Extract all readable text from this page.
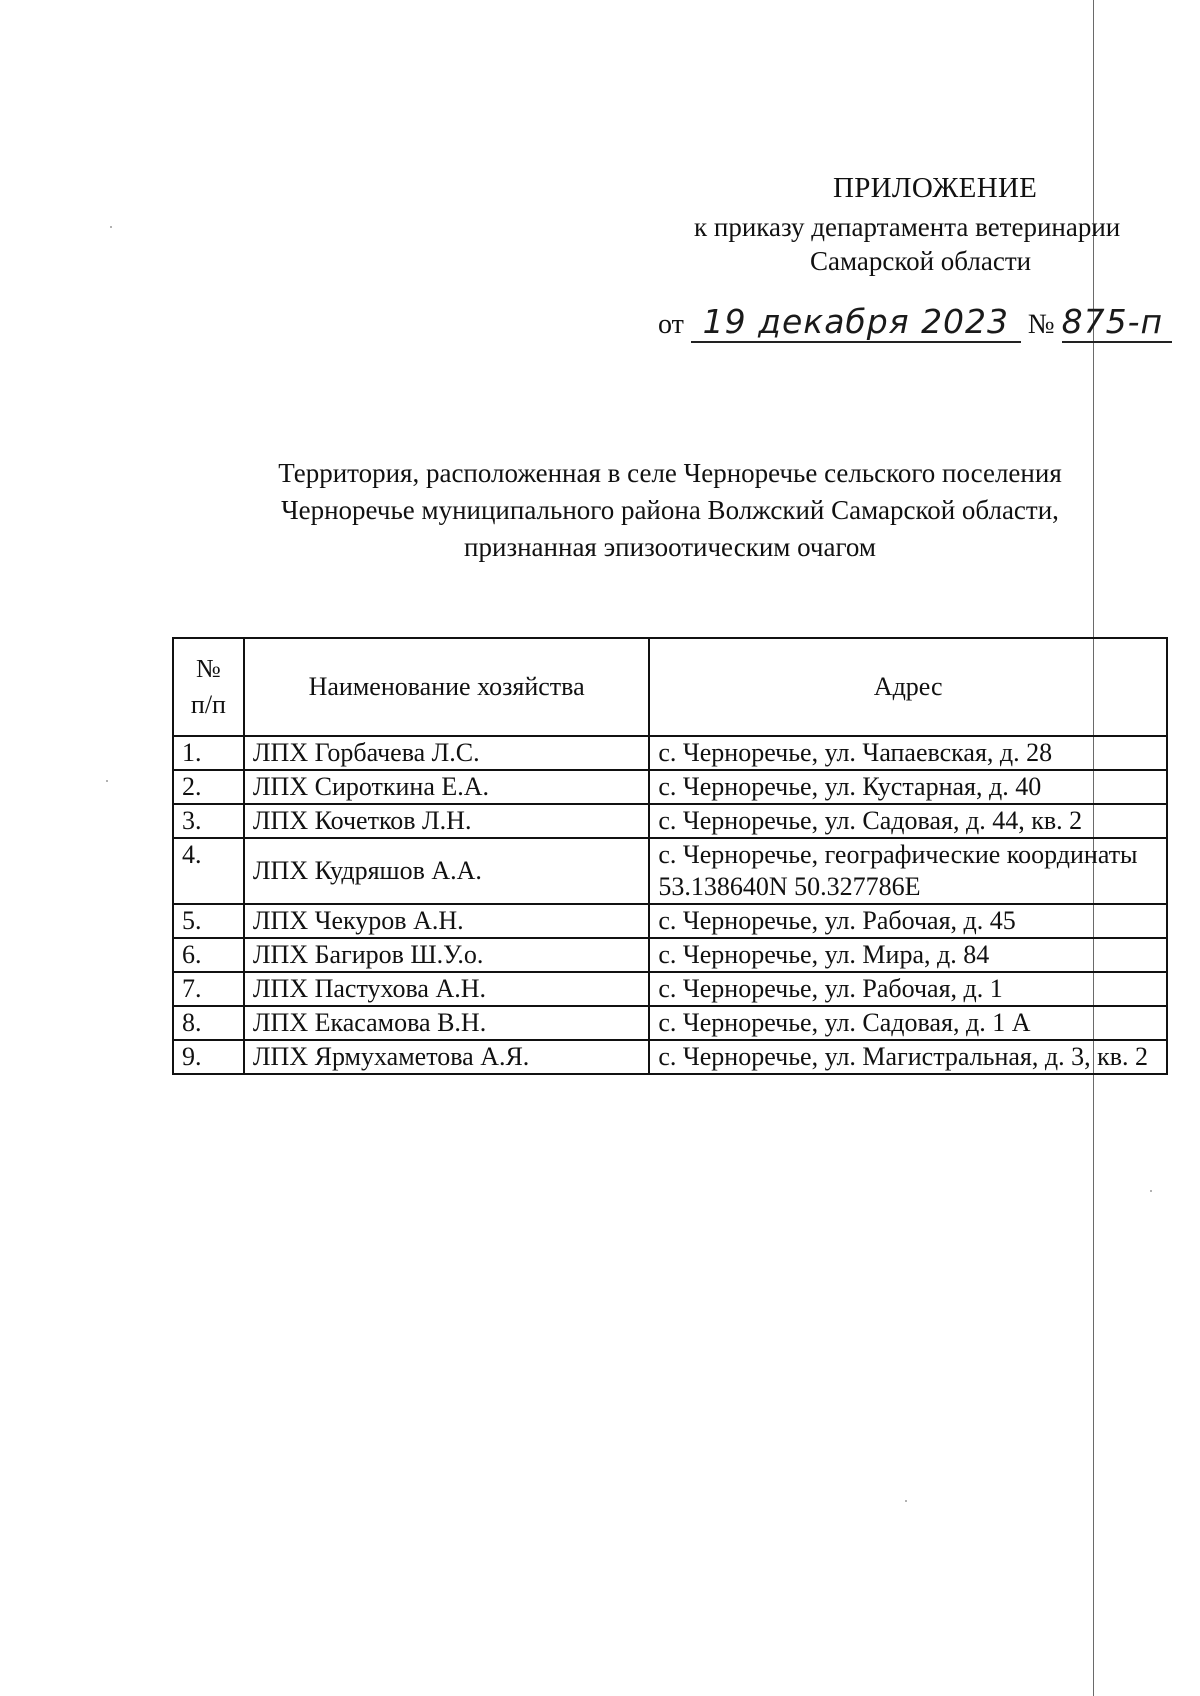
ПРИЛОЖЕНИЕ
к приказу департамента ветеринарии
Самарской области
от 19 декабря 2023 № 875-п
Территория, расположенная в селе Черноречье сельского поселения
Черноречье муниципального района Волжский Самарской области,
признанная эпизоотическим очагом
№
п/п	Наименование хозяйства	Адрес
1.	ЛПХ Горбачева Л.С.	с. Черноречье, ул. Чапаевская, д. 28
2.	ЛПХ Сироткина Е.А.	с. Черноречье, ул. Кустарная, д. 40
3.	ЛПХ Кочетков Л.Н.	с. Черноречье, ул. Садовая, д. 44, кв. 2
4.	ЛПХ Кудряшов А.А.	с. Черноречье, географические координаты 53.138640N 50.327786E
5.	ЛПХ Чекуров А.Н.	с. Черноречье, ул. Рабочая, д. 45
6.	ЛПХ Багиров Ш.У.о.	с. Черноречье, ул. Мира, д. 84
7.	ЛПХ Пастухова А.Н.	с. Черноречье, ул. Рабочая, д. 1
8.	ЛПХ Екасамова В.Н.	с. Черноречье, ул. Садовая, д. 1 А
9.	ЛПХ Ярмухаметова А.Я.	с. Черноречье, ул. Магистральная, д. 3, кв. 2
